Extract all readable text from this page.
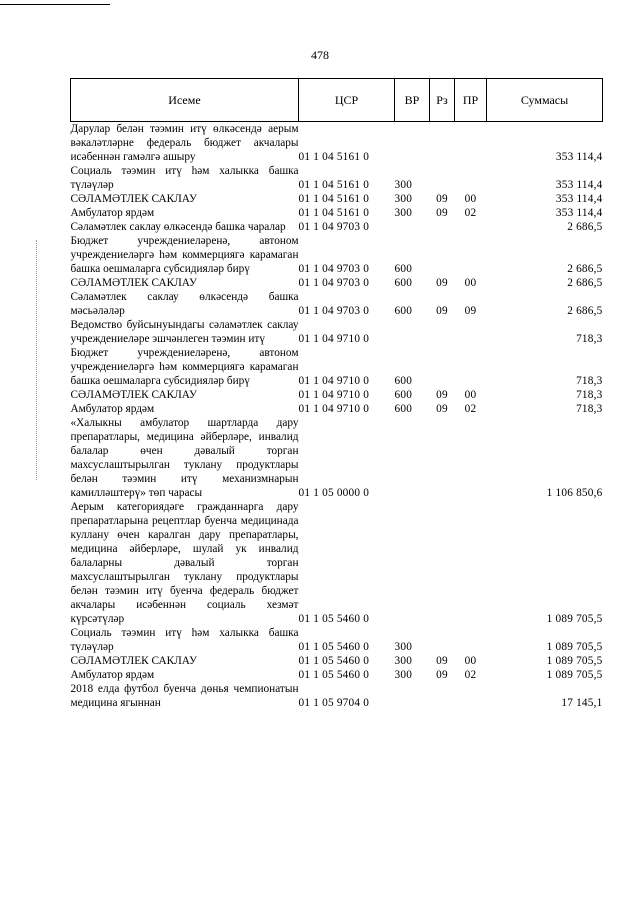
478
Исеме	ЦСР	ВР	Рз	ПР	Суммасы
Дарулар белән тәэмин итү өлкәсендә аерым вәкаләтләрне федераль бюджет акчалары исәбеннән гамәлгә ашыру	01 1 04 5161 0				353 114,4
Социаль тәэмин итү һәм халыкка башка түләүләр	01 1 04 5161 0	300			353 114,4
СӘЛАМӘТЛЕК САКЛАУ	01 1 04 5161 0	300	09	00	353 114,4
Амбулатор ярдәм	01 1 04 5161 0	300	09	02	353 114,4
Сәламәтлек саклау өлкәсендә башка чаралар	01 1 04 9703 0				2 686,5
Бюджет учреждениеләренә, автоном учреждениеләргә һәм коммерциягә карамаган башка оешмаларга субсидияләр бирү	01 1 04 9703 0	600			2 686,5
СӘЛАМӘТЛЕК САКЛАУ	01 1 04 9703 0	600	09	00	2 686,5
Сәламәтлек саклау өлкәсендә башка мәсьәләләр	01 1 04 9703 0	600	09	09	2 686,5
Ведомство буйсынуындагы сәламәтлек саклау учреждениеләре эшчәнлеген тәэмин итү	01 1 04 9710 0				718,3
Бюджет учреждениеләренә, автоном учреждениеләргә һәм коммерциягә карамаган башка оешмаларга субсидияләр бирү	01 1 04 9710 0	600			718,3
СӘЛАМӘТЛЕК САКЛАУ	01 1 04 9710 0	600	09	00	718,3
Амбулатор ярдәм	01 1 04 9710 0	600	09	02	718,3
«Халыкны амбулатор шартларда дару препаратлары, медицина әйберләре, инвалид балалар өчен дәвалый торган махсуслаштырылган туклану продуктлары белән тәэмин итү механизмнарын камилләштерү» төп чарасы	01 1 05 0000 0				1 106 850,6
Аерым категориядәге гражданнарга дару препаратларына рецептлар буенча медицинада куллану өчен каралган дару препаратлары, медицина әйберләре, шулай ук инвалид балаларны дәвалый торган махсуслаштырылган туклану продуктлары белән тәэмин итү буенча федераль бюджет акчалары исәбеннән социаль хезмәт күрсәтүләр	01 1 05 5460 0				1 089 705,5
Социаль тәэмин итү һәм халыкка башка түләүләр	01 1 05 5460 0	300			1 089 705,5
СӘЛАМӘТЛЕК САКЛАУ	01 1 05 5460 0	300	09	00	1 089 705,5
Амбулатор ярдәм	01 1 05 5460 0	300	09	02	1 089 705,5
2018 елда футбол буенча дөнья чемпионатын медицина ягыннан	01 1 05 9704 0				17 145,1
